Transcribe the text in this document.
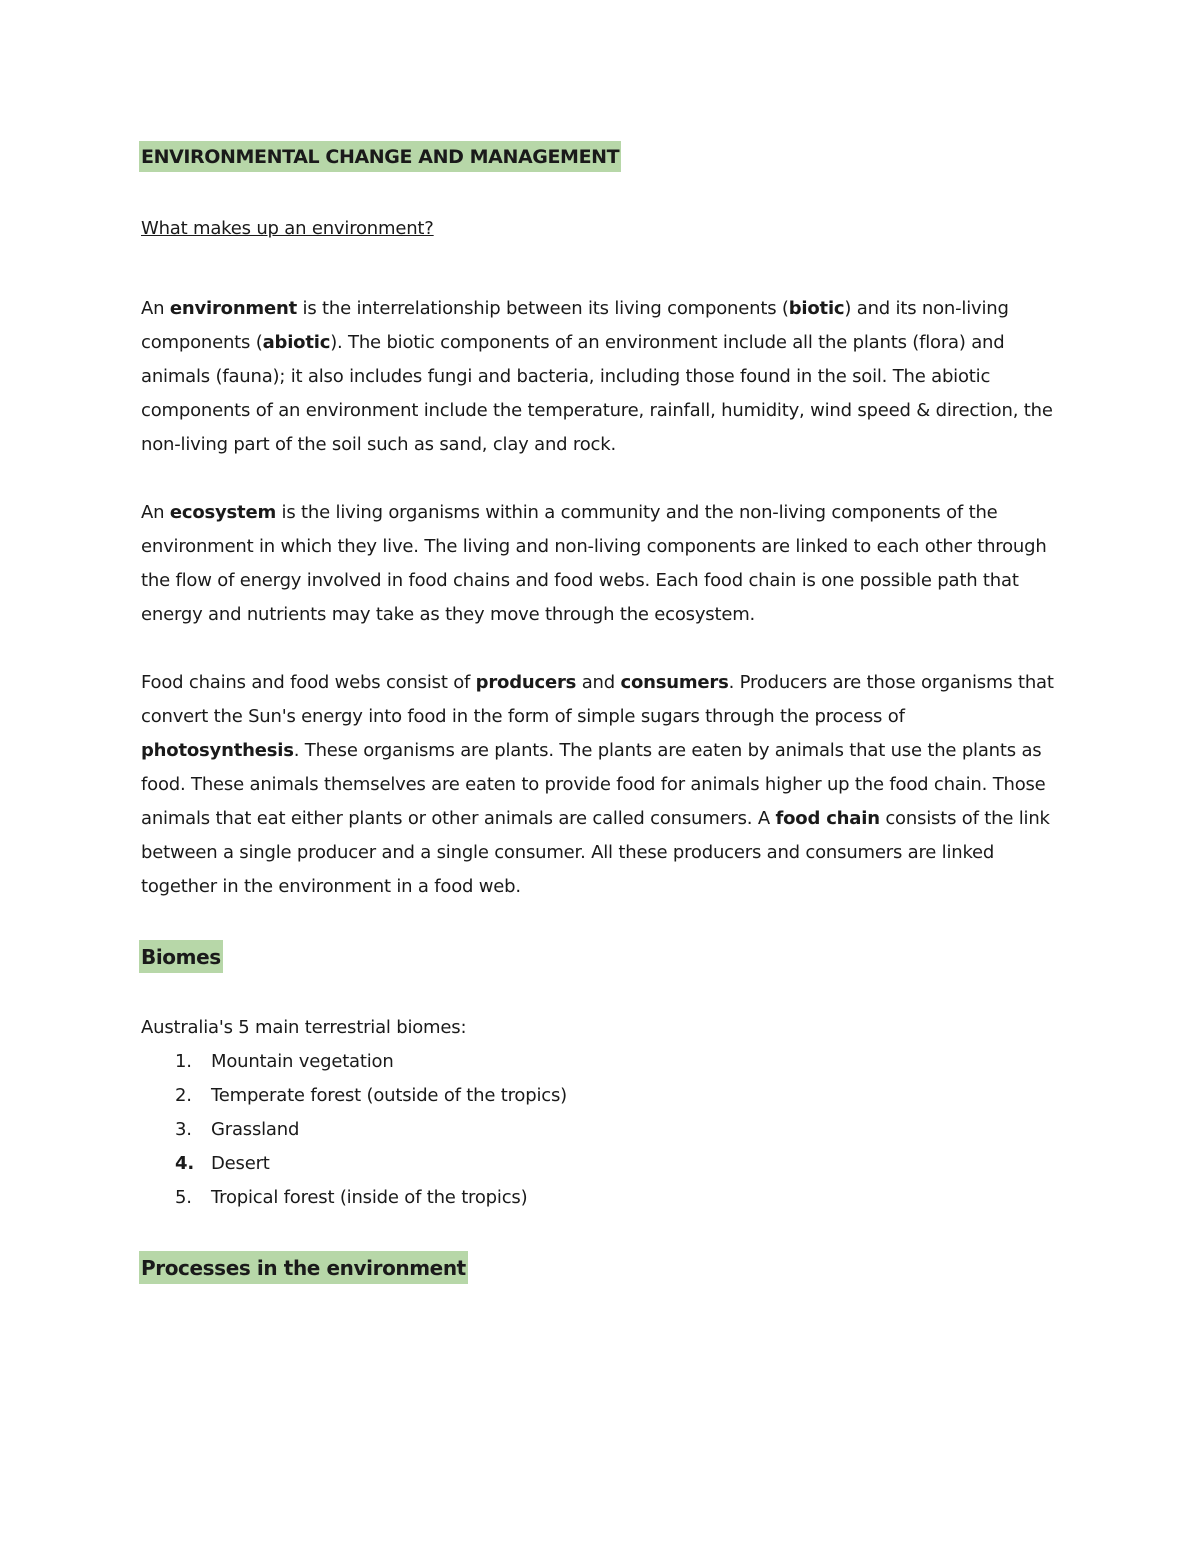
ENVIRONMENTAL CHANGE AND MANAGEMENT
What makes up an environment?

An environment is the interrelationship between its living components (biotic) and its non-living components (abiotic). The biotic components of an environment include all the plants (flora) and animals (fauna); it also includes fungi and bacteria, including those found in the soil. The abiotic components of an environment include the temperature, rainfall, humidity, wind speed & direction, the non-living part of the soil such as sand, clay and rock.

An ecosystem is the living organisms within a community and the non-living components of the environment in which they live. The living and non-living components are linked to each other through the flow of energy involved in food chains and food webs. Each food chain is one possible path that energy and nutrients may take as they move through the ecosystem.

Food chains and food webs consist of producers and consumers. Producers are those organisms that convert the Sun's energy into food in the form of simple sugars through the process of photosynthesis. These organisms are plants. The plants are eaten by animals that use the plants as food. These animals themselves are eaten to provide food for animals higher up the food chain. Those animals that eat either plants or other animals are called consumers. A food chain consists of the link between a single producer and a single consumer. All these producers and consumers are linked together in the environment in a food web.

Biomes

Australia's 5 main terrestrial biomes:

1. Mountain vegetation
2. Temperate forest (outside of the tropics)
3. Grassland
4. Desert
5. Tropical forest (inside of the tropics)
Processes in the environment
